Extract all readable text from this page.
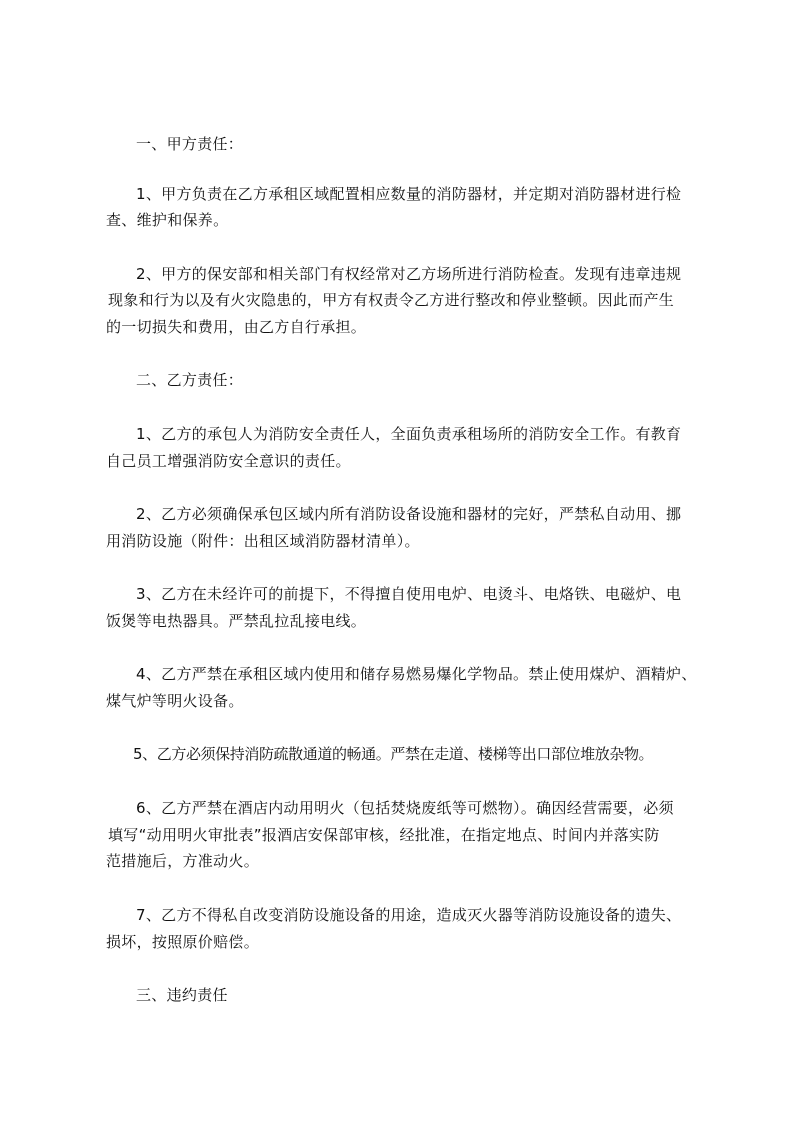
一、甲方责任：
1、甲方负责在乙方承租区域配置相应数量的消防器材，并定期对消防器材进行检
查、维护和保养。
2、甲方的保安部和相关部门有权经常对乙方场所进行消防检查。发现有违章违规
现象和行为以及有火灾隐患的，甲方有权责令乙方进行整改和停业整顿。因此而产生
的一切损失和费用，由乙方自行承担。
二、乙方责任：
1、乙方的承包人为消防安全责任人，全面负责承租场所的消防安全工作。有教育
自己员工增强消防安全意识的责任。
2、乙方必须确保承包区域内所有消防设备设施和器材的完好，严禁私自动用、挪
用消防设施（附件：出租区域消防器材清单）。
3、乙方在未经许可的前提下，不得擅自使用电炉、电烫斗、电烙铁、电磁炉、电
饭煲等电热器具。严禁乱拉乱接电线。
4、乙方严禁在承租区域内使用和储存易燃易爆化学物品。禁止使用煤炉、酒精炉、
煤气炉等明火设备。
5、乙方必须保持消防疏散通道的畅通。严禁在走道、楼梯等出口部位堆放杂物。
6、乙方严禁在酒店内动用明火（包括焚烧废纸等可燃物）。确因经营需要，必须
填写“动用明火审批表”报酒店安保部审核，经批准，在指定地点、时间内并落实防
范措施后，方准动火。
7、乙方不得私自改变消防设施设备的用途，造成灭火器等消防设施设备的遗失、
损坏，按照原价赔偿。
三、违约责任
